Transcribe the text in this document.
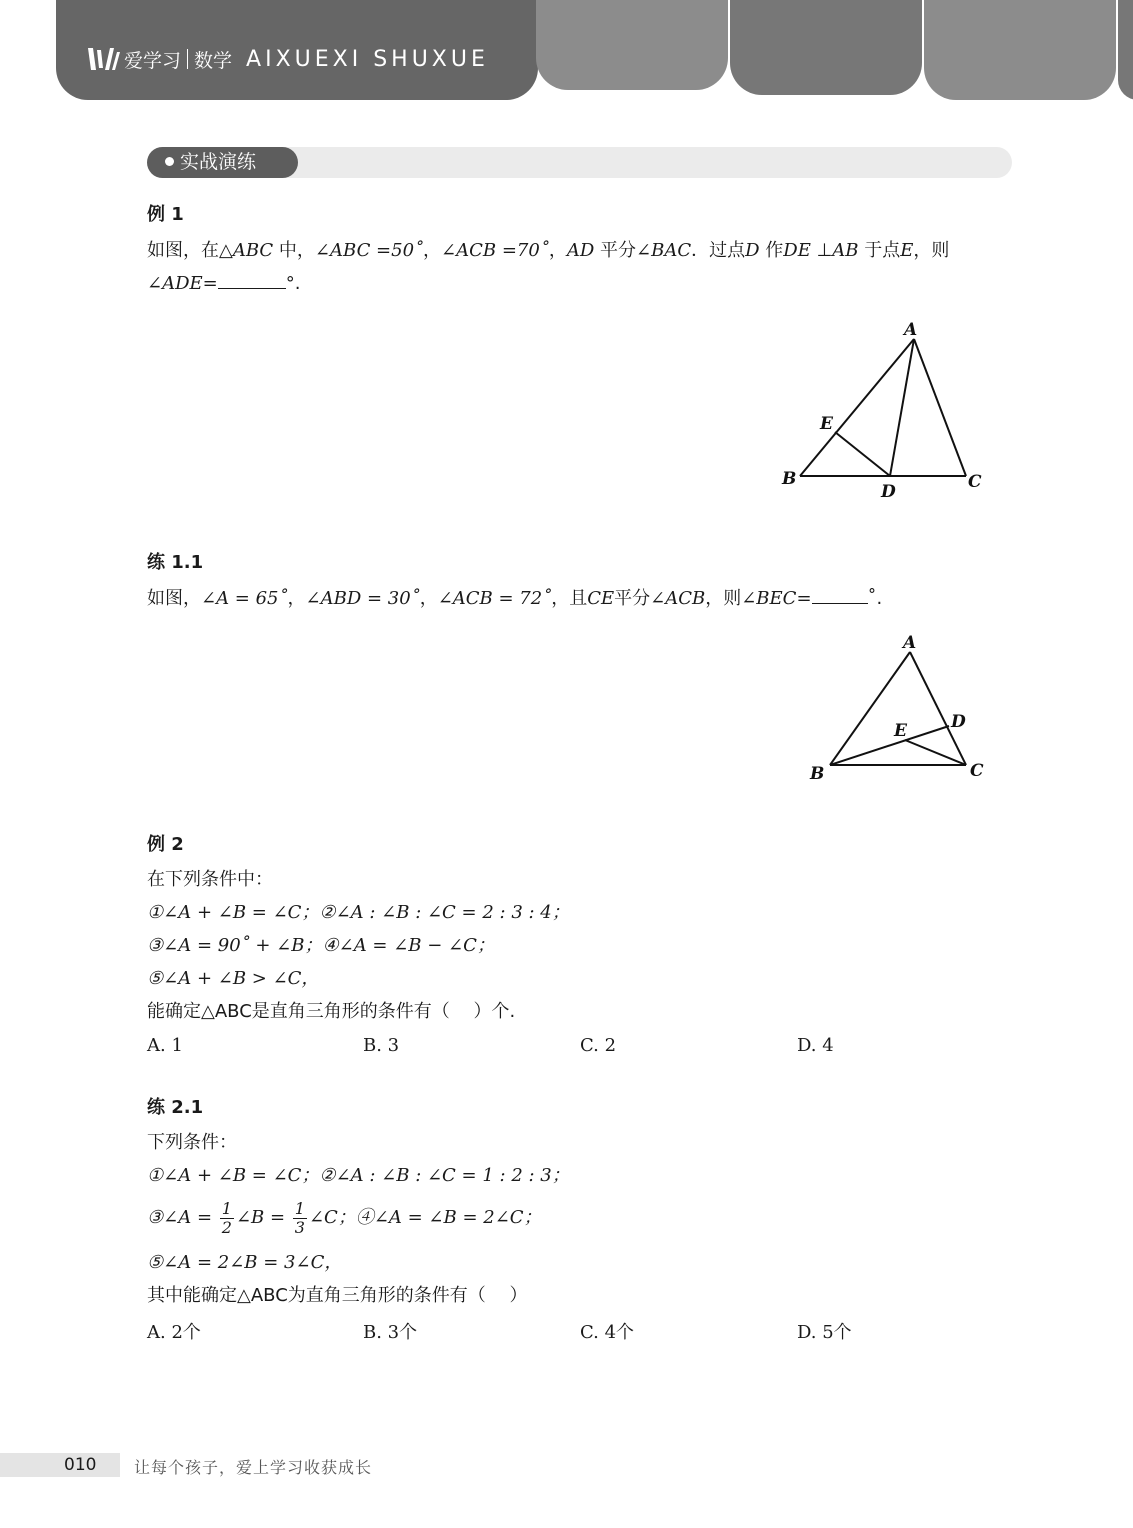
爱学习 数学 AIXUEXI SHUXUE
实战演练
例 1
如图，在△ABC 中，∠ABC =50˚，∠ACB =70˚，AD 平分∠BAC．过点D 作DE ⊥AB 于点E，则
∠ADE=	°.
A
B	C
D
E
练 1.1
如图，∠A = 65˚，∠ABD = 30˚，∠ACB = 72˚，且CE平分∠ACB，则∠BEC=	˚.
A
B	C
D
E
例 2
在下列条件中：
①∠A + ∠B = ∠C；②∠A : ∠B : ∠C = 2 : 3 : 4；
③∠A = 90˚ + ∠B；④∠A = ∠B − ∠C；
⑤∠A + ∠B > ∠C，
能确定△ABC是直角三角形的条件有（　 ）个.
A. 1	B. 3	C. 2	D. 4
练 2.1
下列条件：
①∠A + ∠B = ∠C；②∠A : ∠B : ∠C = 1 : 2 : 3；
③∠A = $\frac{1}{2}$ ∠B = $\frac{1}{3}$ ∠C；④∠A = ∠B = 2∠C；
⑤∠A = 2∠B = 3∠C，
其中能确定△ABC为直角三角形的条件有（　 ）
A. 2个	B. 3个	C. 4个	D. 5个
010 让每个孩子，爱上学习收获成长
